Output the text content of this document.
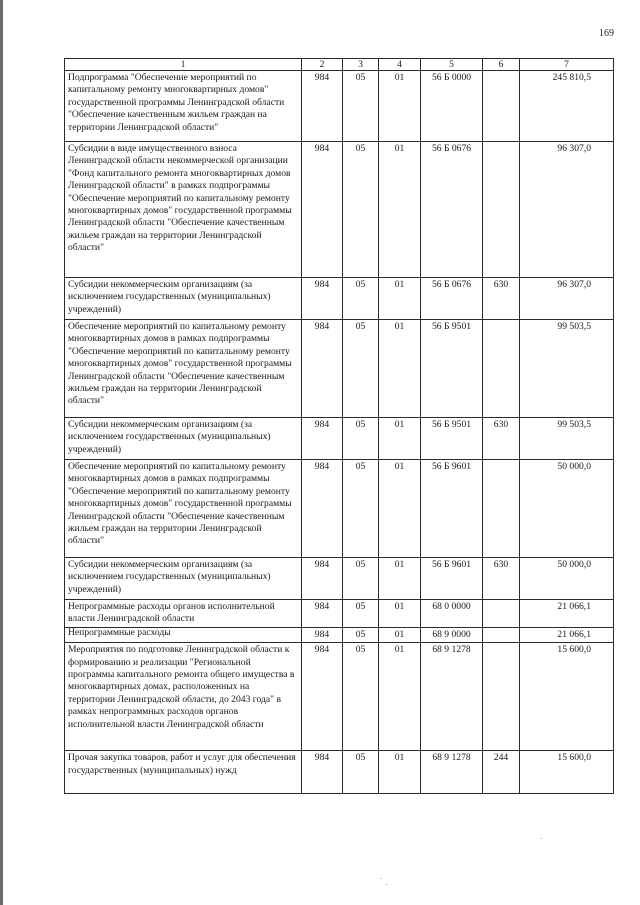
169
1	2	3	4	5	6	7
Подпрограмма "Обеспечение мероприятий по капитальному ремонту многоквартирных домов" государственной программы Ленинградской области "Обеспечение качественным жильем граждан на территории Ленинградской области"	984	05	01	56 Б 0000		245 810,5
Субсидии в виде имущественного взноса Ленинградской области некоммерческой организации "Фонд капитального ремонта многоквартирных домов Ленинградской области" в рамках подпрограммы "Обеспечение мероприятий по капитальному ремонту многоквартирных домов" государственной программы Ленинградской области "Обеспечение качественным жильем граждан на территории Ленинградской области"	984	05	01	56 Б 0676		96 307,0
Субсидии некоммерческим организациям (за исключением государственных (муниципальных) учреждений)	984	05	01	56 Б 0676	630	96 307,0
Обеспечение мероприятий по капитальному ремонту многоквартирных домов в рамках подпрограммы "Обеспечение мероприятий по капитальному ремонту многоквартирных домов" государственной программы Ленинградской области "Обеспечение качественным жильем граждан на территории Ленинградской области"	984	05	01	56 Б 9501		99 503,5
Субсидии некоммерческим организациям (за исключением государственных (муниципальных) учреждений)	984	05	01	56 Б 9501	630	99 503,5
Обеспечение мероприятий по капитальному ремонту многоквартирных домов в рамках подпрограммы "Обеспечение мероприятий по капитальному ремонту многоквартирных домов" государственной программы Ленинградской области "Обеспечение качественным жильем граждан на территории Ленинградской области"	984	05	01	56 Б 9601		50 000,0
Субсидии некоммерческим организациям (за исключением государственных (муниципальных) учреждений)	984	05	01	56 Б 9601	630	50 000,0
Непрограммные расходы органов исполнительной власти Ленинградской области	984	05	01	68 0 0000		21 066,1
Непрограммные расходы	984	05	01	68 9 0000		21 066,1
Мероприятия по подготовке Ленинградской области к формированию и реализации "Региональной программы капитального ремонта общего имущества в многоквартирных домах, расположенных на территории Ленинградской области, до 2043 года" в рамках непрограммных расходов органов исполнительной власти Ленинградской области	984	05	01	68 9 1278		15 600,0
Прочая закупка товаров, работ и услуг для обеспечения государственных (муниципальных) нужд	984	05	01	68 9 1278	244	15 600,0
